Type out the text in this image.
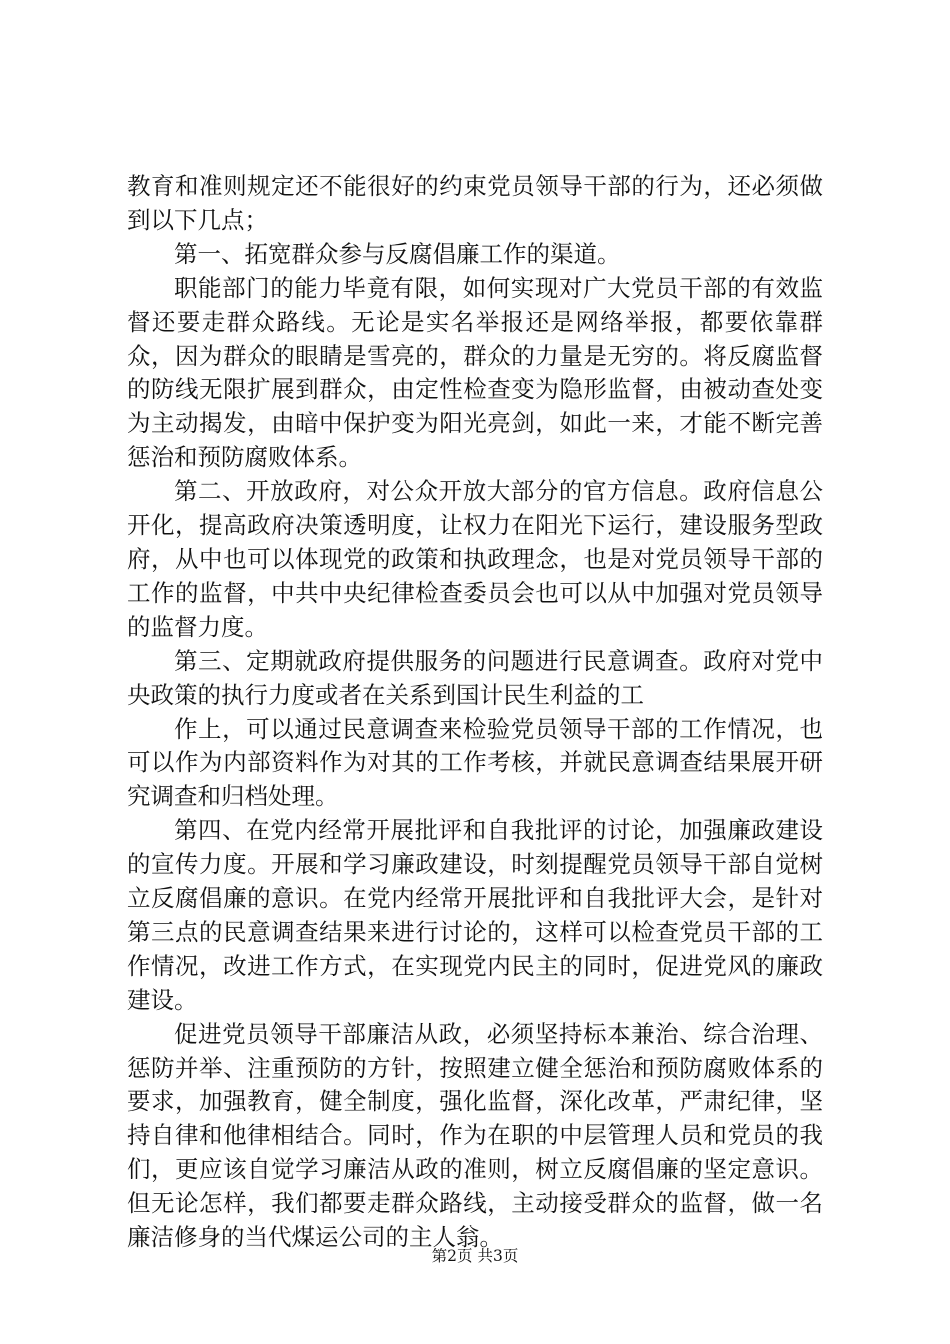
教育和准则规定还不能很好的约束党员领导干部的行为，还必须做到以下几点；

第一、拓宽群众参与反腐倡廉工作的渠道。

职能部门的能力毕竟有限，如何实现对广大党员干部的有效监督还要走群众路线。无论是实名举报还是网络举报，都要依靠群众，因为群众的眼睛是雪亮的，群众的力量是无穷的。将反腐监督的防线无限扩展到群众，由定性检查变为隐形监督，由被动查处变为主动揭发，由暗中保护变为阳光亮剑，如此一来，才能不断完善惩治和预防腐败体系。

第二、开放政府，对公众开放大部分的官方信息。政府信息公开化，提高政府决策透明度，让权力在阳光下运行，建设服务型政府，从中也可以体现党的政策和执政理念，也是对党员领导干部的工作的监督，中共中央纪律检查委员会也可以从中加强对党员领导的监督力度。

第三、定期就政府提供服务的问题进行民意调查。政府对党中央政策的执行力度或者在关系到国计民生利益的工

作上，可以通过民意调查来检验党员领导干部的工作情况，也可以作为内部资料作为对其的工作考核，并就民意调查结果展开研究调查和归档处理。

第四、在党内经常开展批评和自我批评的讨论，加强廉政建设的宣传力度。开展和学习廉政建设，时刻提醒党员领导干部自觉树立反腐倡廉的意识。在党内经常开展批评和自我批评大会，是针对第三点的民意调查结果来进行讨论的，这样可以检查党员干部的工作情况，改进工作方式，在实现党内民主的同时，促进党风的廉政建设。

促进党员领导干部廉洁从政，必须坚持标本兼治、综合治理、惩防并举、注重预防的方针，按照建立健全惩治和预防腐败体系的要求，加强教育，健全制度，强化监督，深化改革，严肃纪律，坚持自律和他律相结合。同时，作为在职的中层管理人员和党员的我们，更应该自觉学习廉洁从政的准则，树立反腐倡廉的坚定意识。但无论怎样，我们都要走群众路线，主动接受群众的监督，做一名廉洁修身的当代煤运公司的主人翁。

第2页 共3页
